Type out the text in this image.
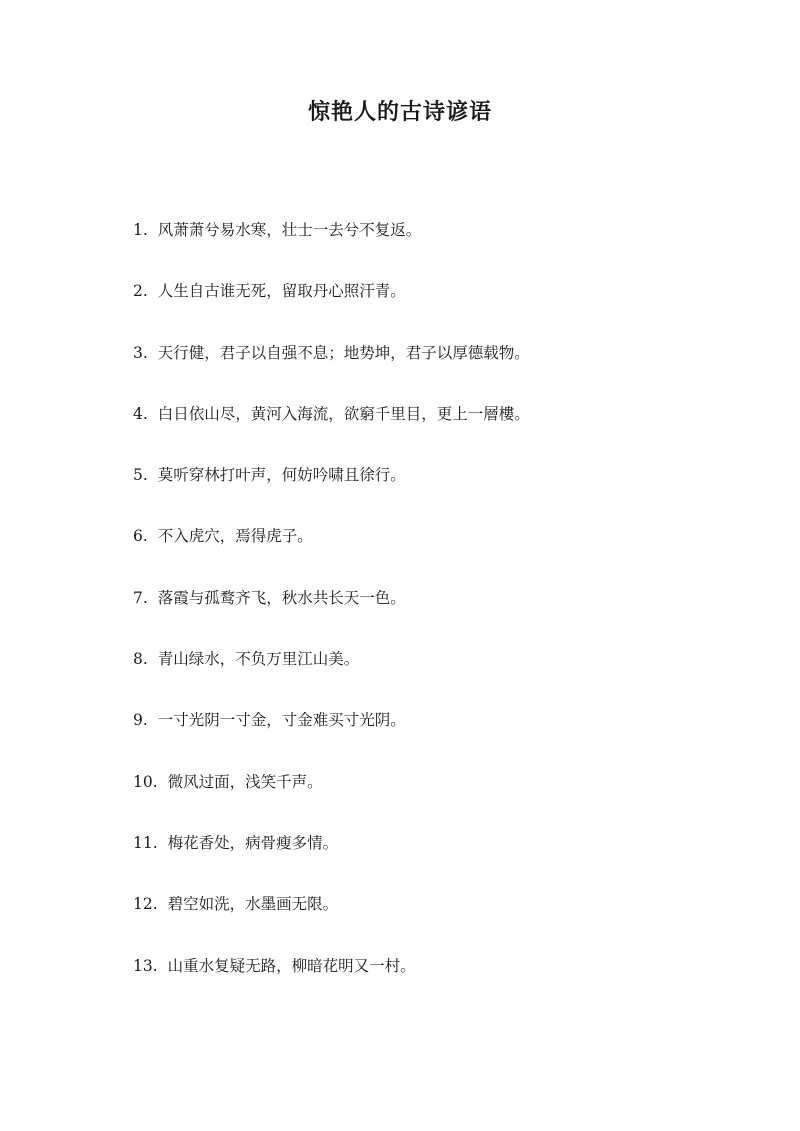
惊艳人的古诗谚语
1. 风萧萧兮易水寒，壮士一去兮不复返。
2. 人生自古谁无死，留取丹心照汗青。
3. 天行健，君子以自强不息；地势坤，君子以厚德载物。
4. 白日依山尽，黄河入海流，欲窮千里目，更上一層樓。
5. 莫听穿林打叶声，何妨吟啸且徐行。
6. 不入虎穴，焉得虎子。
7. 落霞与孤鹜齐飞，秋水共长天一色。
8. 青山绿水，不负万里江山美。
9. 一寸光阴一寸金，寸金难买寸光阴。
10. 微风过面，浅笑千声。
11. 梅花香处，病骨瘦多情。
12. 碧空如洗，水墨画无限。
13. 山重水复疑无路，柳暗花明又一村。
